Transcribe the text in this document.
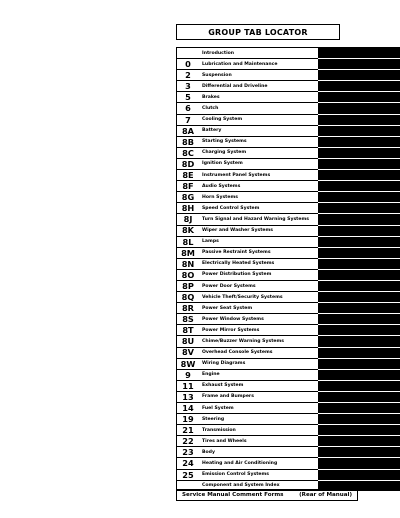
GROUP TAB LOCATOR
Introduction
0	Lubrication and Maintenance
2	Suspension
3	Differential and Driveline
5	Brakes
6	Clutch
7	Cooling System
8A	Battery
8B	Starting Systems
8C	Charging System
8D	Ignition System
8E	Instrument Panel Systems
8F	Audio Systems
8G	Horn Systems
8H	Speed Control System
8J	Turn Signal and Hazard Warning Systems
8K	Wiper and Washer Systems
8L	Lamps
8M	Passive Restraint Systems
8N	Electrically Heated Systems
8O	Power Distribution System
8P	Power Door Systems
8Q	Vehicle Theft/Security Systems
8R	Power Seat System
8S	Power Window Systems
8T	Power Mirror Systems
8U	Chime/Buzzer Warning Systems
8V	Overhead Console Systems
8W	Wiring Diagrams
9	Engine
11	Exhaust System
13	Frame and Bumpers
14	Fuel System
19	Steering
21	Transmission
22	Tires and Wheels
23	Body
24	Heating and Air Conditioning
25	Emission Control Systems
Component and System Index
Service Manual Comment Forms	(Rear of Manual)
